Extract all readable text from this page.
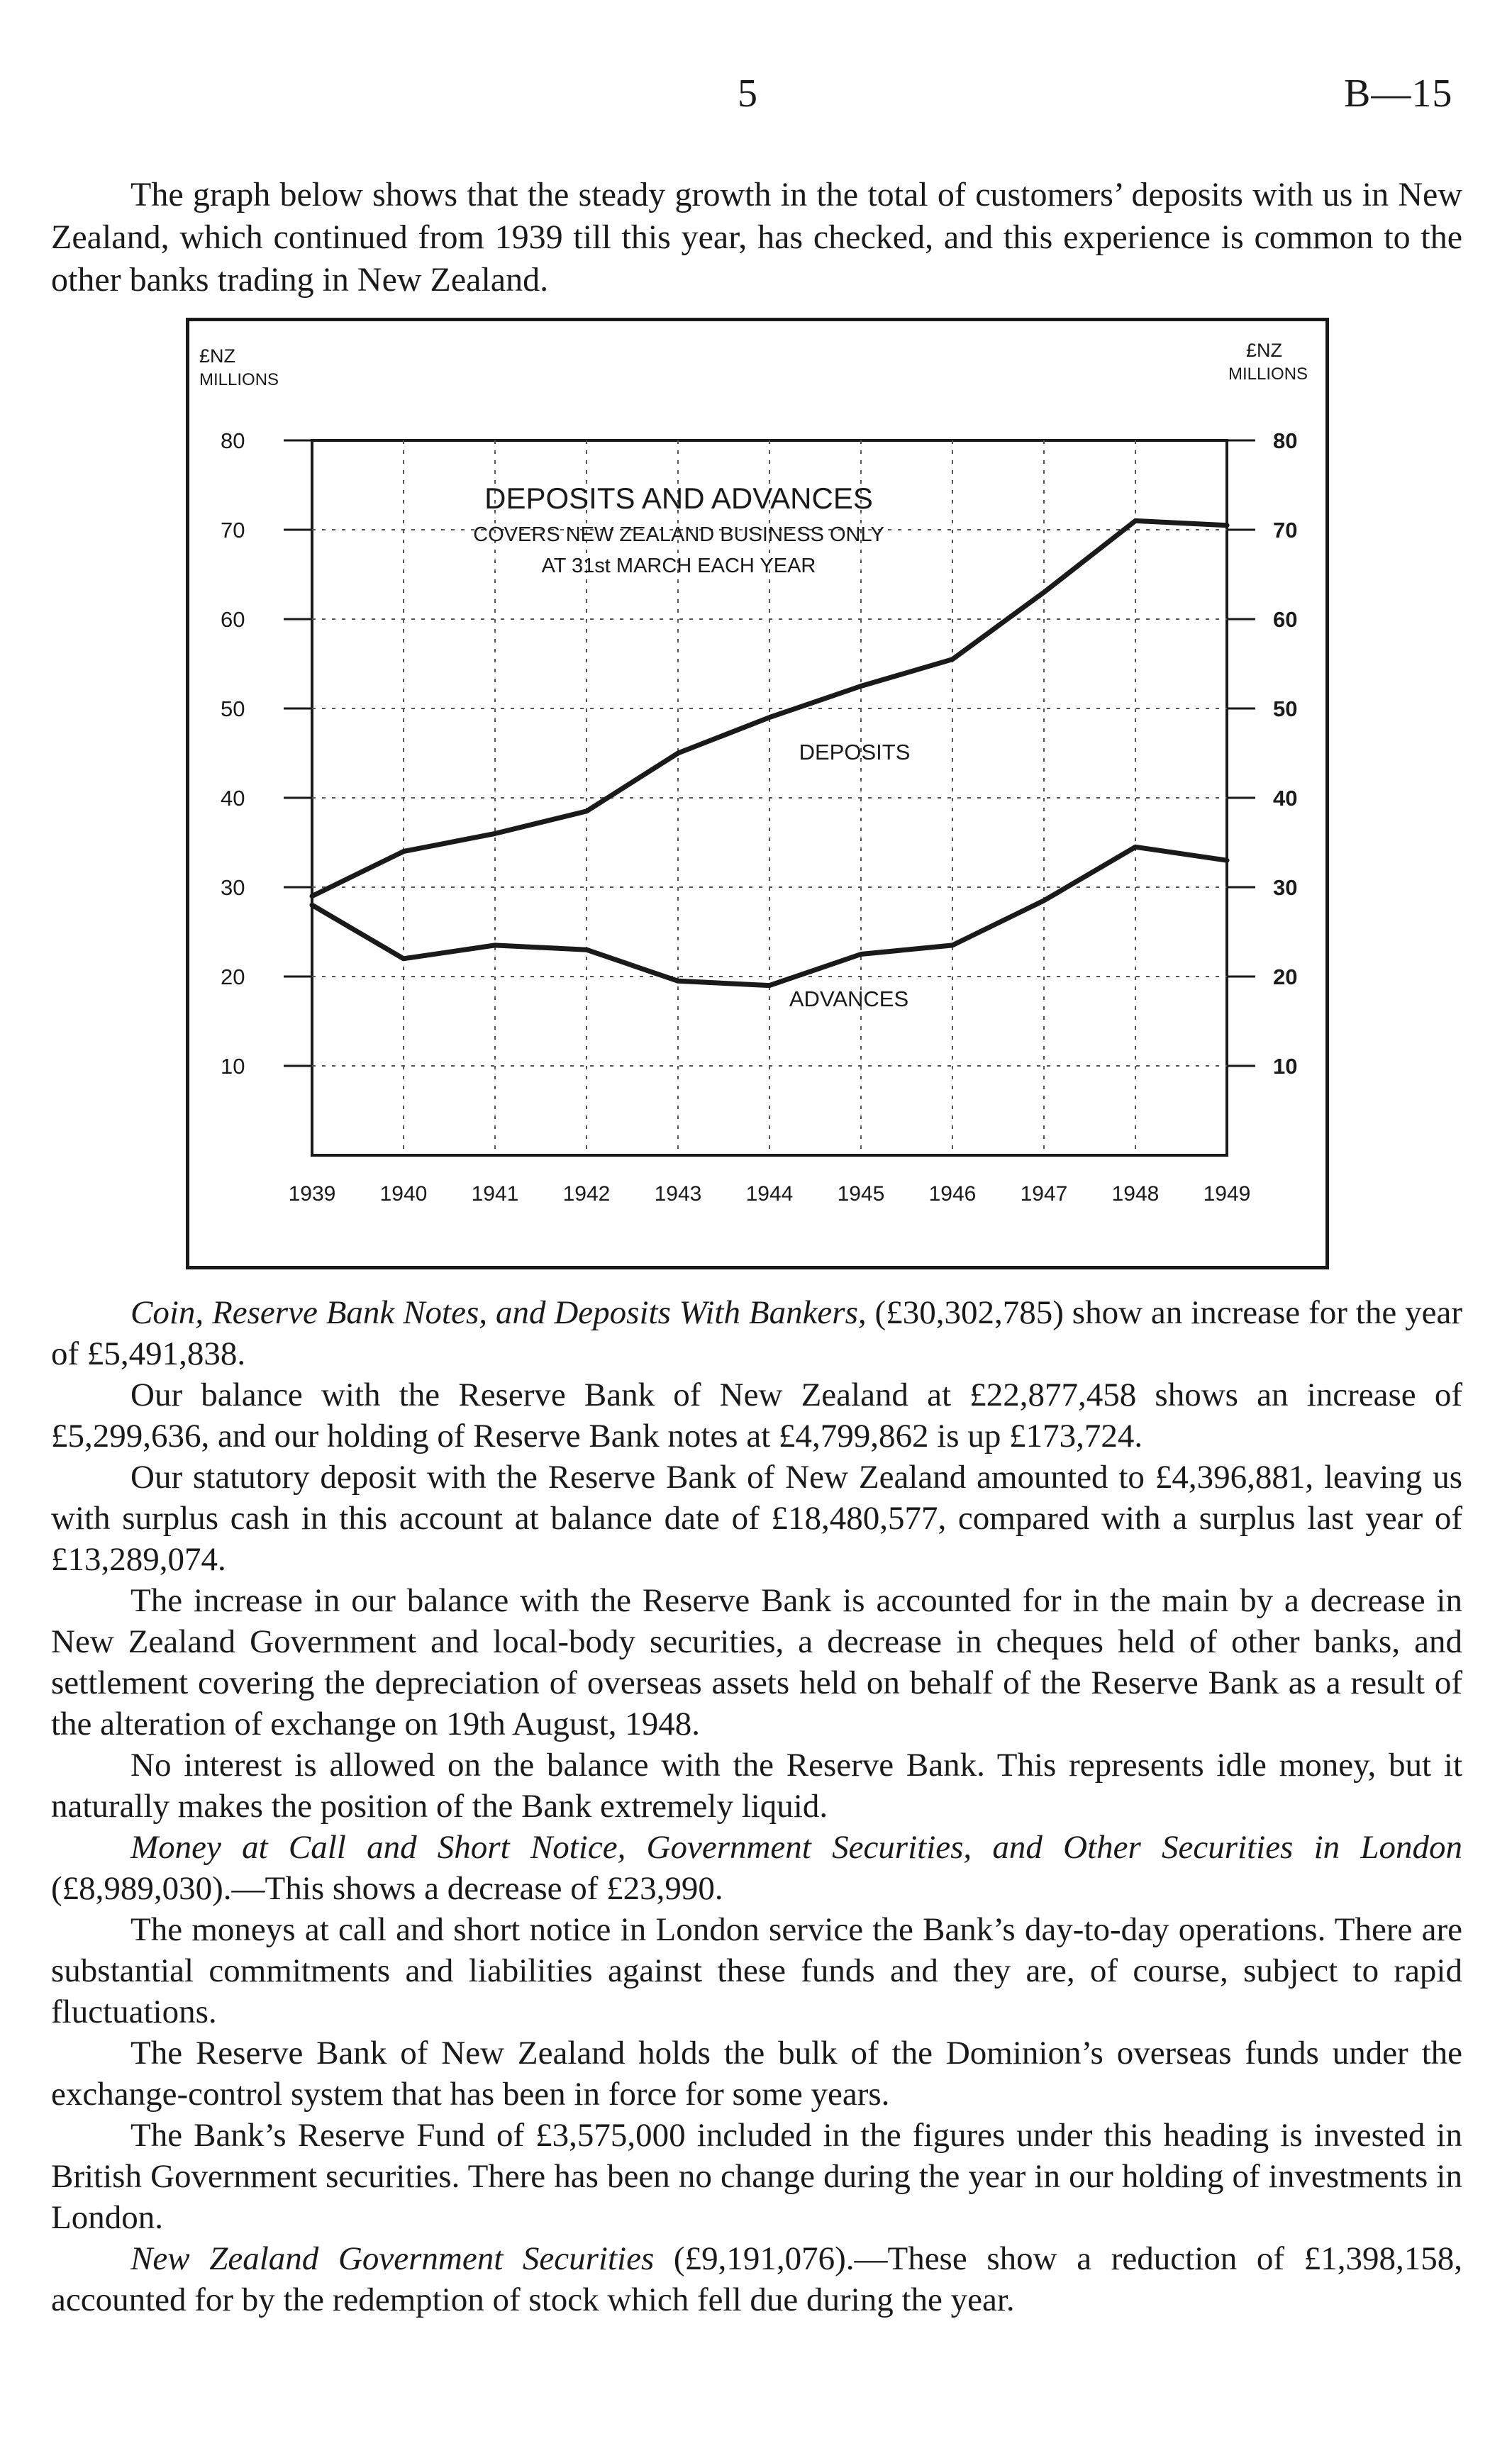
5	B—15

The graph below shows that the steady growth in the total of customers’ deposits with us in New Zealand, which continued from 1939 till this year, has checked, and this experience is common to the other banks trading in New Zealand.

£NZ
MILLIONS
£NZ
MILLIONS
DEPOSITS AND ADVANCES
COVERS NEW ZEALAND BUSINESS ONLY
AT 31st MARCH EACH YEAR
DEPOSITS
ADVANCES
1939 1940 1941 1942 1943 1944 1945 1946 1947 1948 1949
10	10
20	20
30	30
40	40
50	50
60	60
70	70
80	80

Coin, Reserve Bank Notes, and Deposits With Bankers, (£30,302,785) show an increase for the year of £5,491,838.

Our balance with the Reserve Bank of New Zealand at £22,877,458 shows an increase of £5,299,636, and our holding of Reserve Bank notes at £4,799,862 is up £173,724.

Our statutory deposit with the Reserve Bank of New Zealand amounted to £4,396,881, leaving us with surplus cash in this account at balance date of £18,480,577, compared with a surplus last year of £13,289,074.

The increase in our balance with the Reserve Bank is accounted for in the main by a decrease in New Zealand Government and local-body securities, a decrease in cheques held of other banks, and settlement covering the depreciation of overseas assets held on behalf of the Reserve Bank as a result of the alteration of exchange on 19th August, 1948.

No interest is allowed on the balance with the Reserve Bank. This represents idle money, but it naturally makes the position of the Bank extremely liquid.

Money at Call and Short Notice, Government Securities, and Other Securities in London (£8,989,030).—This shows a decrease of £23,990.

The moneys at call and short notice in London service the Bank’s day-to-day operations. There are substantial commitments and liabilities against these funds and they are, of course, subject to rapid fluctuations.

The Reserve Bank of New Zealand holds the bulk of the Dominion’s overseas funds under the exchange-control system that has been in force for some years.

The Bank’s Reserve Fund of £3,575,000 included in the figures under this heading is invested in British Government securities. There has been no change during the year in our holding of investments in London.

New Zealand Government Securities (£9,191,076).—These show a reduction of £1,398,158, accounted for by the redemption of stock which fell due during the year.
